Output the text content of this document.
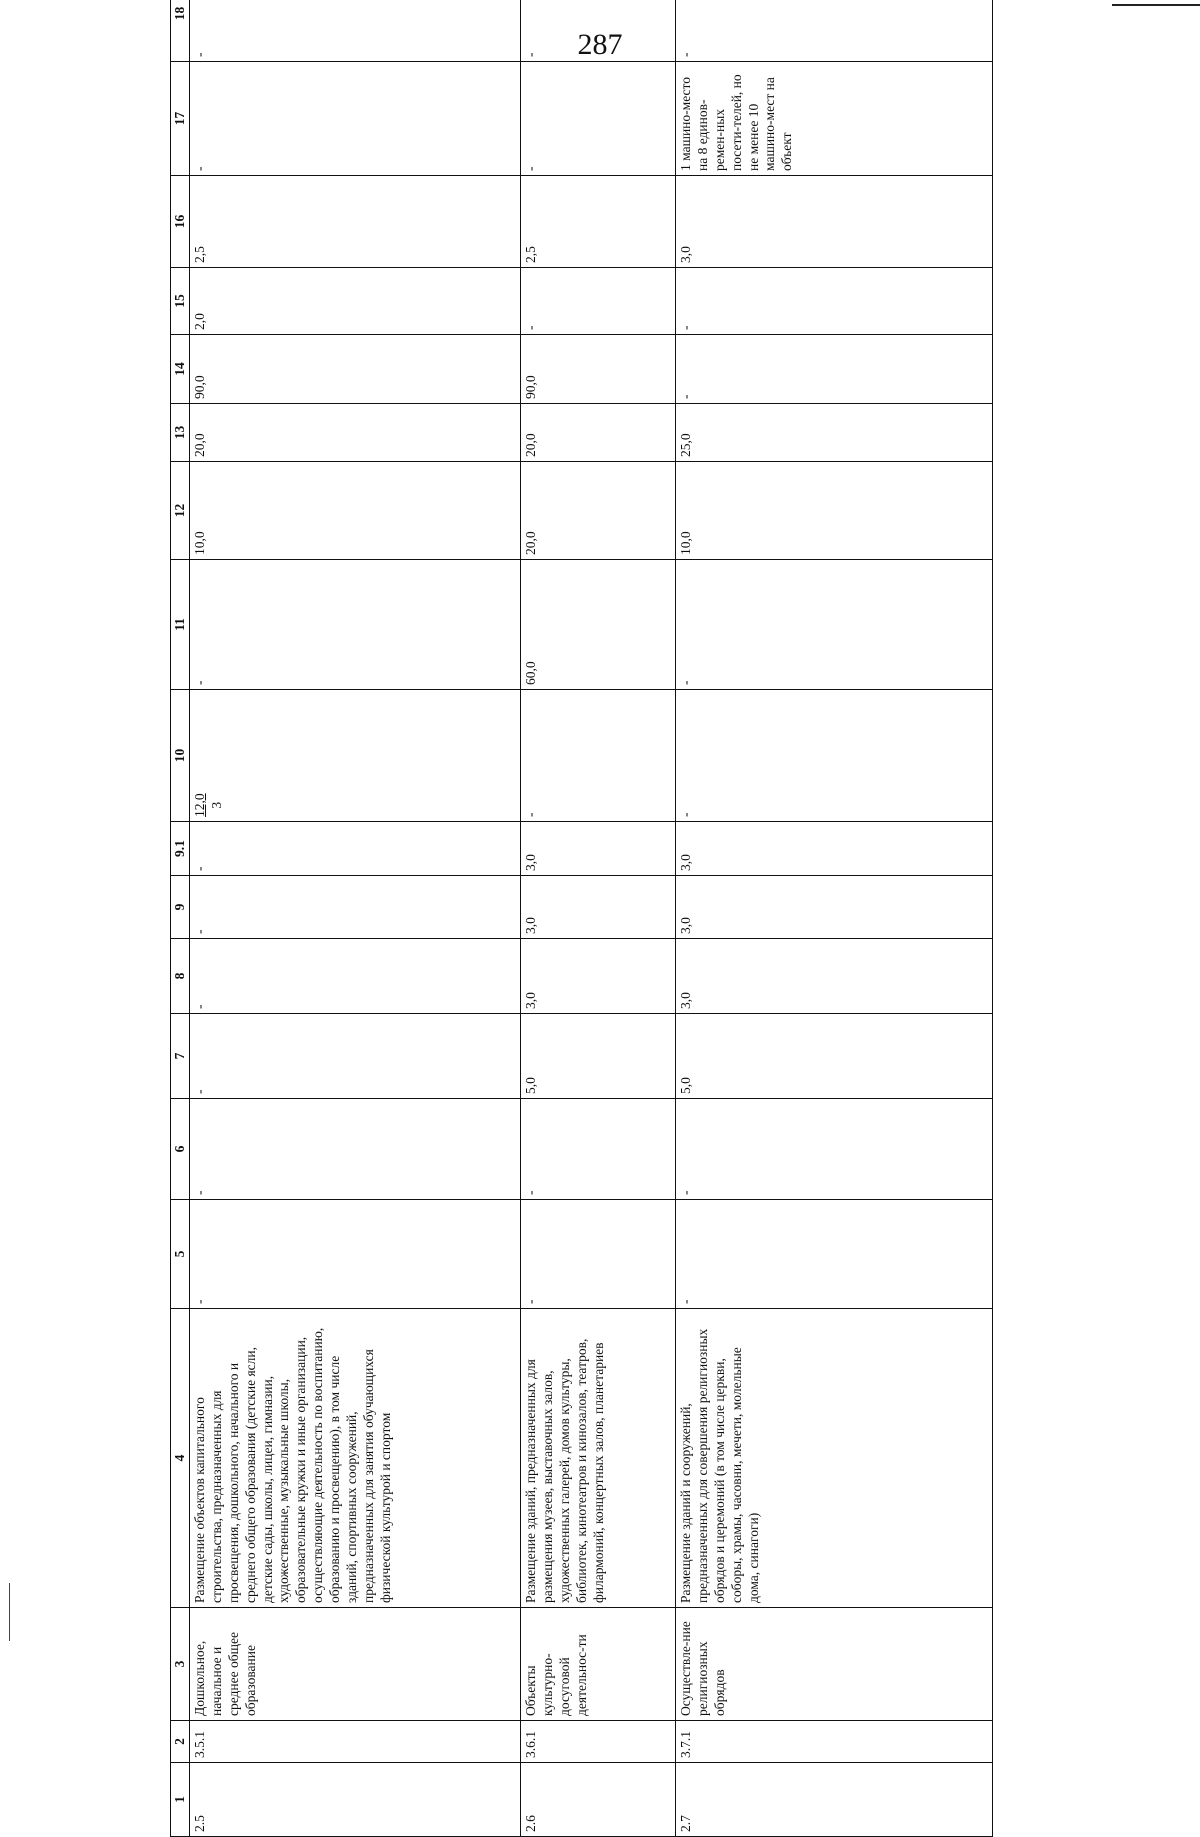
287
1	2	3	4	5	6	7	8	9	9.1	10	11	12	13	14	15	16	17	18	
2.5	3.5.1	Дошкольное, начальное и среднее общее образование	Размещение объектов капитального строительства, предназначенных для просвещения, дошкольного, начального и среднего общего образования (детские ясли, детские сады, школы, лицеи, гимназии, художественные, музыкальные школы, образовательные кружки и иные организации, осуществляющие деятельность по воспитанию, образованию и просвещению), в том числе зданий, спортивных сооружений, предназначенных для занятия обучающихся физической культурой и спортом	-	-	-	-	-	-	12,0 3	-	10,0	20,0	90,0	2,0	2,5	-	-	
2.6	3.6.1	Объекты культурно-досуговой деятельнос-ти	Размещение зданий, предназначенных для размещения музеев, выставочных залов, художественных галерей, домов культуры, библиотек, кинотеатров и кинозалов, театров, филармоний, концертных залов, планетариев	-	-	5,0	3,0	3,0	3,0	-	60,0	20,0	20,0	90,0	-	2,5	-	-	
2.7	3.7.1	Осуществле-ние религиозных обрядов	Размещение зданий и сооружений, предназначенных для совершения религиозных обрядов и церемоний (в том числе церкви, соборы, храмы, часовни, мечети, молельные дома, синагоги)	-	-	5,0	3,0	3,0	3,0	-	-	10,0	25,0	-	-	3,0	1 машино-место на 8 единов-ремен-ных посети-телей, но не менее 10 машино-мест на объект	-	
